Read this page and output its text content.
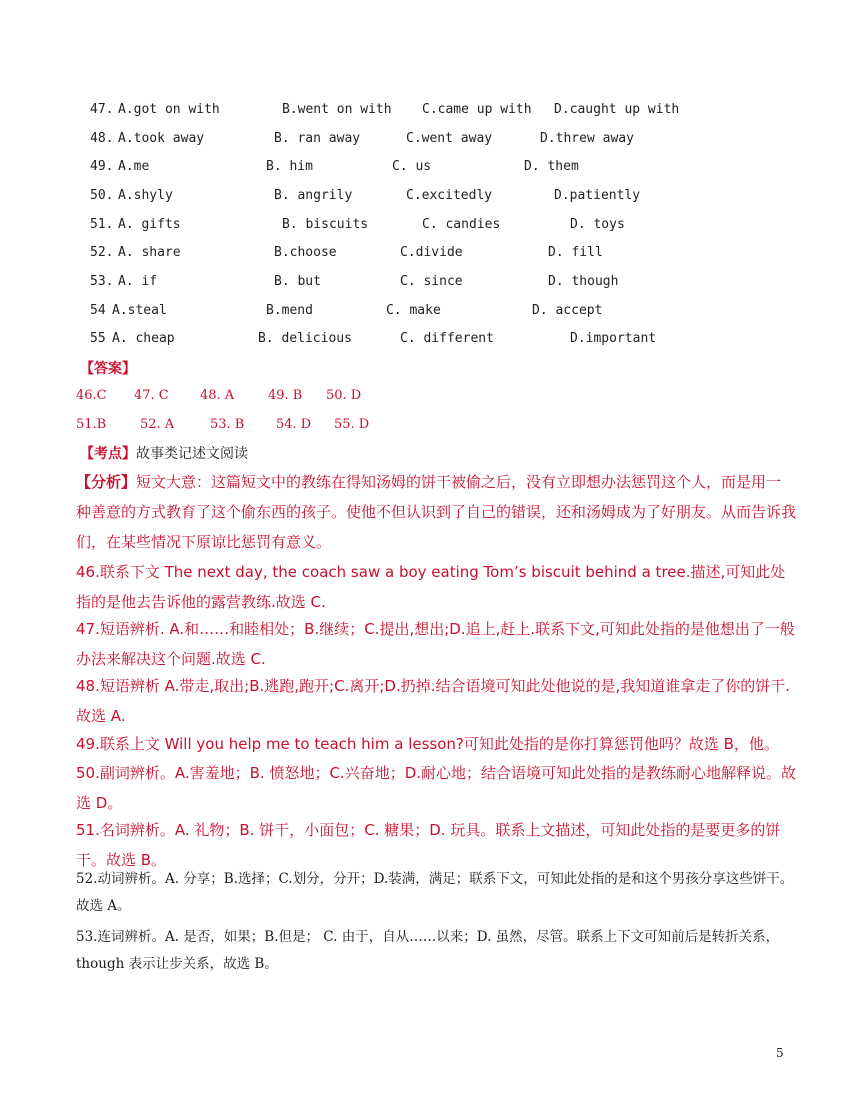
47. A.got on with	B.went on with C.came up with D.caught up with
48. A.took away	B. ran away	C.went away	D.threw away
49. A.me	B. him	C. us	D. them
50. A.shyly	B. angrily	C.excitedly	D.patiently
51. A. gifts	B. biscuits	C. candies	D. toys
52. A. share	B.choose	C.divide	D. fill
53. A. if	B. but	C. since	D. though
54 A.steal	B.mend	C. make	D. accept
55 A. cheap	B. delicious	C. different	D.important
【答案】
46.C 47. C 48. A	49. B 50. D
51.B	52. A	53. B 54. D 55. D
【考点】故事类记述文阅读
【分析】短文大意：这篇短文中的教练在得知汤姆的饼干被偷之后，没有立即想办法惩罚这个人，而是用一种善意的方式教育了这个偷东西的孩子。使他不但认识到了自己的错误，还和汤姆成为了好朋友。从而告诉我们，在某些情况下原谅比惩罚有意义。
46.联系下文 The next day, the coach saw a boy eating Tom’s biscuit behind a tree.描述,可知此处指的是他去告诉他的露营教练.故选 C.
47.短语辨析. A.和……和睦相处；B.继续；C.提出,想出;D.追上,赶上.联系下文,可知此处指的是他想出了一般办法来解决这个问题.故选 C.
48.短语辨析 A.带走,取出;B.逃跑,跑开;C.离开;D.扔掉.结合语境可知此处他说的是,我知道谁拿走了你的饼干.故选 A.
49.联系上文 Will you help me to teach him a lesson?可知此处指的是你打算惩罚他吗？故选 B，他。
50.副词辨析。A.害羞地；B. 愤怒地；C.兴奋地；D.耐心地；结合语境可知此处指的是教练耐心地解释说。故选 D。
51.名词辨析。A. 礼物；B. 饼干，小面包；C. 糖果；D. 玩具。联系上文描述，可知此处指的是要更多的饼干。故选 B。
52.动词辨析。A. 分享；B.选择；C.划分，分开；D.装满，满足；联系下文，可知此处指的是和这个男孩分享这些饼干。故选 A。
53.连词辨析。A. 是否，如果；B.但是； C. 由于，自从……以来；D. 虽然，尽管。联系上下文可知前后是转折关系，though 表示让步关系，故选 B。
5
